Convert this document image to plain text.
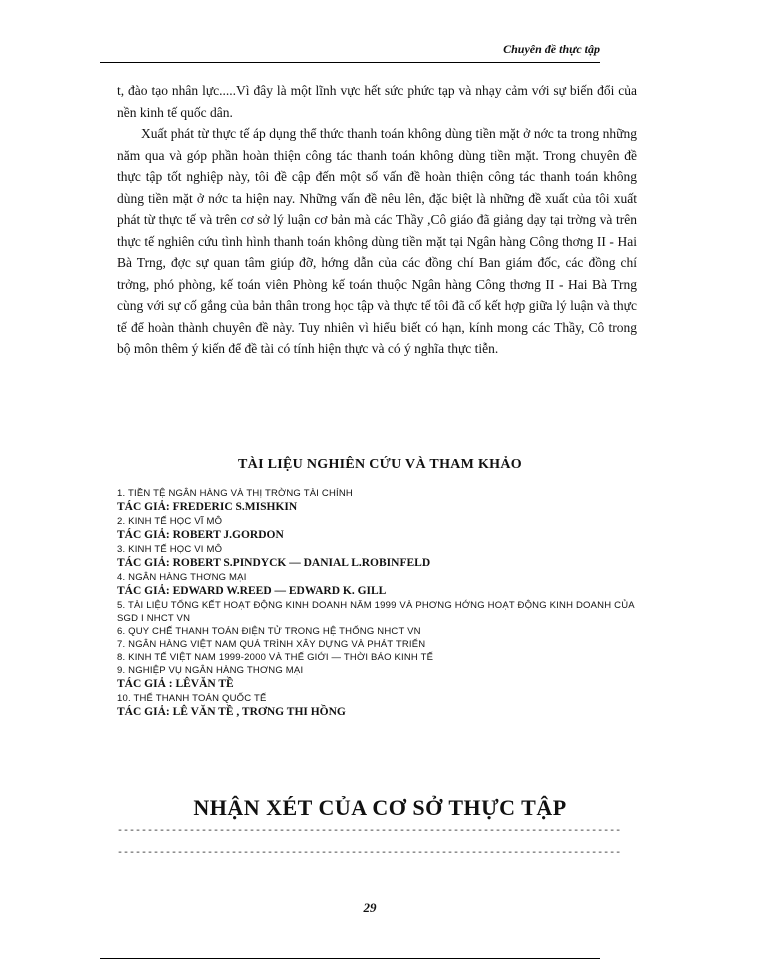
Chuyên đề thực tập

t, đào tạo nhân lực.....Vì đây là một lĩnh vực hết sức phức tạp và nhạy cảm với sự biến đổi của nền kinh tế quốc dân.

Xuất phát từ thực tế áp dụng thể thức thanh toán không dùng tiền mặt ở nớc ta trong những năm qua và góp phần hoàn thiện công tác thanh toán không dùng tiền mặt. Trong chuyên đề thực tập tốt nghiệp này, tôi đề cập đến một số vấn đề hoàn thiện công tác thanh toán không dùng tiền mặt ở nớc ta hiện nay. Những vấn đề nêu lên, đặc biệt là những đề xuất của tôi xuất phát từ thực tế và trên cơ sở lý luận cơ bản mà các Thầy ,Cô giáo đã giảng dạy tại trờng và trên thực tế nghiên cứu tình hình thanh toán không dùng tiền mặt tại Ngân hàng Công thơng II - Hai Bà Trng, đợc sự quan tâm giúp đỡ, hớng dẫn của các đồng chí Ban giám đốc, các đồng chí trởng, phó phòng, kế toán viên Phòng kế toán thuộc Ngân hàng Công thơng II - Hai Bà Trng cùng với sự cố gắng của bản thân trong học tập và thực tế tôi đã cố kết hợp giữa lý luận và thực tế để hoàn thành chuyên đề này. Tuy nhiên vì hiểu biết có hạn, kính mong các Thầy, Cô trong bộ môn thêm ý kiến để đề tài có tính hiện thực và có ý nghĩa thực tiễn.

TÀI LIỆU NGHIÊN CỨU VÀ THAM KHẢO
1. TIỀN TỆ NGÂN HÀNG VÀ THỊ TRỜNG TÀI CHÍNH
TÁC GIẢ: FREDERIC S.MISHKIN
2. KINH TẾ HỌC VĨ MÔ
TÁC GIẢ: ROBERT J.GORDON
3. KINH TẾ HỌC VI MÔ
TÁC GIẢ: ROBERT S.PINDYCK — DANIAL L.ROBINFELD
4. NGÂN HÀNG THƠNG MẠI
TÁC GIẢ: EDWARD W.REED — EDWARD K. GILL
5. TÀI LIỆU TỔNG KẾT HOẠT ĐỘNG KINH DOANH NĂM 1999 VÀ PHƠNG HỚNG HOẠT ĐỘNG KINH DOANH CỦA SGD I NHCT VN
6. QUY CHẾ THANH TOÁN ĐIỆN TỬ TRONG HỆ THỐNG NHCT VN
7. NGÂN HÀNG VIỆT NAM QUÁ TRÌNH XÂY DỰNG VÀ PHÁT TRIỂN
8. KINH TẾ VIỆT NAM 1999-2000 VÀ THẾ GIỚI — THỜI BÁO KINH TẾ
9. NGHIỆP VỤ NGÂN HÀNG THƠNG MẠI
TÁC GIẢ : LÊVĂN TỀ
10. THỂ THANH TOÁN QUỐC TẾ
TÁC GIẢ: LÊ VĂN TỀ , TRƠNG THI HỒNG
NHẬN XÉT CỦA CƠ SỞ THỰC TẬP
------------------------------------------------------------------------------------
------------------------------------------------------------------------------------
29
